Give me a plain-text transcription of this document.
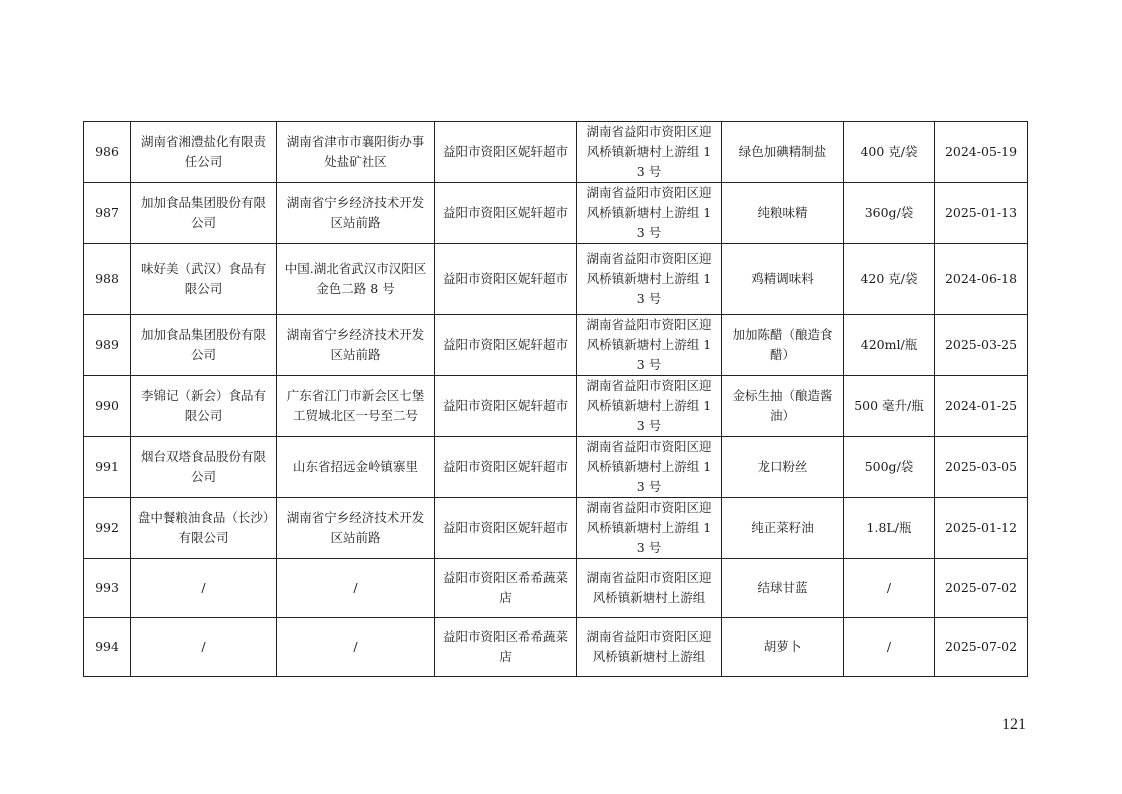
986	湖南省湘澧盐化有限责任公司	湖南省津市市襄阳街办事处盐矿社区	益阳市资阳区妮轩超市	湖南省益阳市资阳区迎风桥镇新塘村上游组 13 号	绿色加碘精制盐	400 克/袋	2024-05-19
987	加加食品集团股份有限公司	湖南省宁乡经济技术开发区站前路	益阳市资阳区妮轩超市	湖南省益阳市资阳区迎风桥镇新塘村上游组 13 号	纯粮味精	360g/袋	2025-01-13
988	味好美（武汉）食品有限公司	中国.湖北省武汉市汉阳区金色二路 8 号	益阳市资阳区妮轩超市	湖南省益阳市资阳区迎风桥镇新塘村上游组 13 号	鸡精调味料	420 克/袋	2024-06-18
989	加加食品集团股份有限公司	湖南省宁乡经济技术开发区站前路	益阳市资阳区妮轩超市	湖南省益阳市资阳区迎风桥镇新塘村上游组 13 号	加加陈醋（酿造食醋）	420ml/瓶	2025-03-25
990	李锦记（新会）食品有限公司	广东省江门市新会区七堡工贸城北区一号至二号	益阳市资阳区妮轩超市	湖南省益阳市资阳区迎风桥镇新塘村上游组 13 号	金标生抽（酿造酱油）	500 毫升/瓶	2024-01-25
991	烟台双塔食品股份有限公司	山东省招远金岭镇寨里	益阳市资阳区妮轩超市	湖南省益阳市资阳区迎风桥镇新塘村上游组 13 号	龙口粉丝	500g/袋	2025-03-05
992	盘中餐粮油食品（长沙）有限公司	湖南省宁乡经济技术开发区站前路	益阳市资阳区妮轩超市	湖南省益阳市资阳区迎风桥镇新塘村上游组 13 号	纯正菜籽油	1.8L/瓶	2025-01-12
993	/	/	益阳市资阳区希希蔬菜店	湖南省益阳市资阳区迎风桥镇新塘村上游组	结球甘蓝	/	2025-07-02
994	/	/	益阳市资阳区希希蔬菜店	湖南省益阳市资阳区迎风桥镇新塘村上游组	胡萝卜	/	2025-07-02
121
